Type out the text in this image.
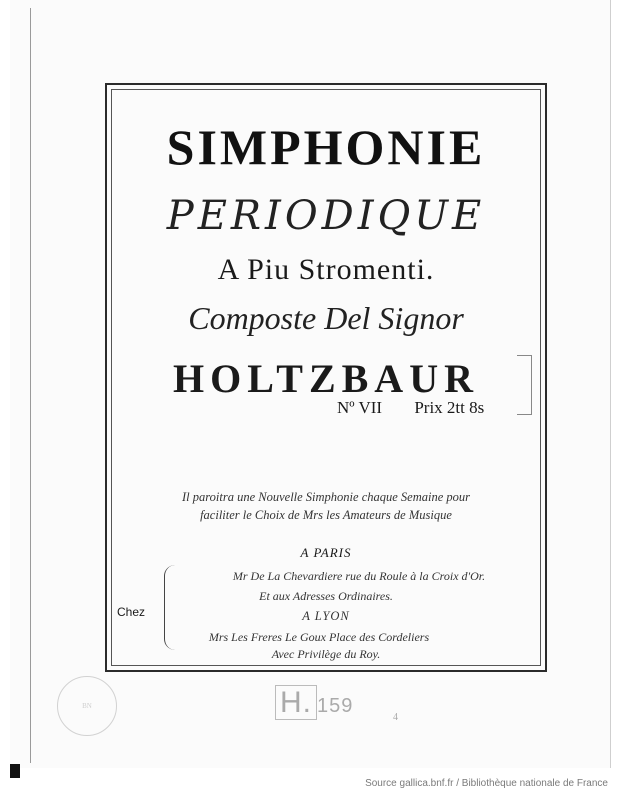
SIMPHONIE
PERIODIQUE
A Piu Stromenti.
Composte Del Signor
HOLTZBAUR
Nº VII Prix 2tt 8s
Il paroitra une Nouvelle Simphonie chaque Semaine pour
faciliter le Choix de Mrs les Amateurs de Musique
A PARIS
Chez
Mr De La Chevardiere rue du Roule à la Croix d'Or.
Et aux Adresses Ordinaires.
A LYON
Mrs Les Freres Le Goux Place des Cordeliers
Avec Privilège du Roy.
BN	H. 159
4
Source gallica.bnf.fr / Bibliothèque nationale de France
